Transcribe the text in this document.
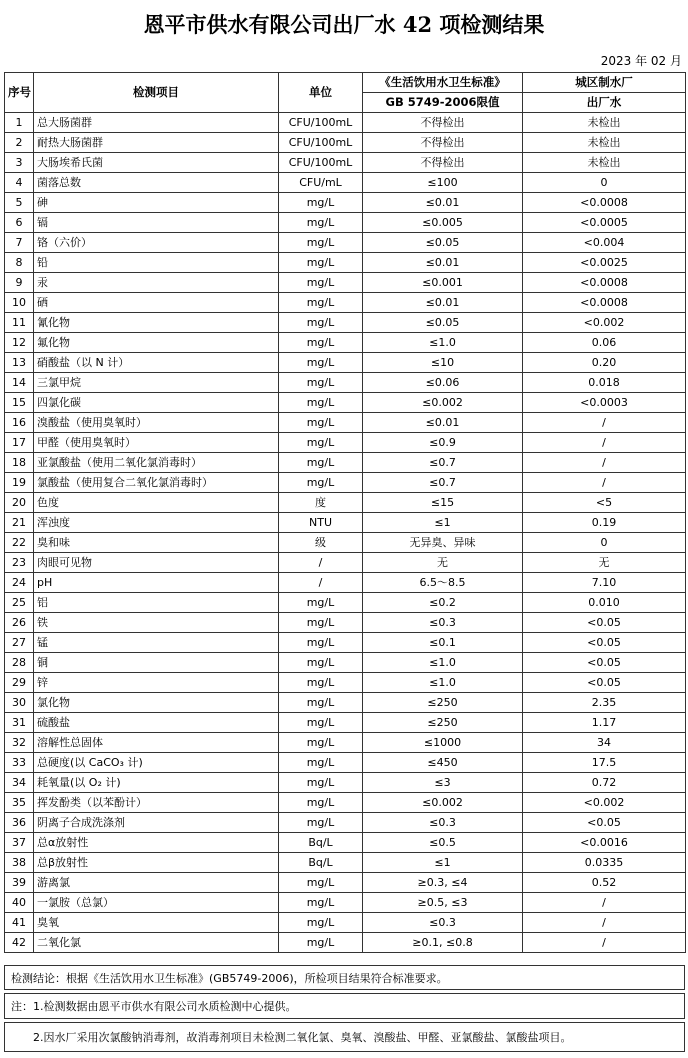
恩平市供水有限公司出厂水 42 项检测结果
2023 年 02 月
序号	检测项目	单位	《生活饮用水卫生标准》	城区制水厂
			GB 5749-2006限值	出厂水
1	总大肠菌群	CFU/100mL	不得检出	未检出
2	耐热大肠菌群	CFU/100mL	不得检出	未检出
3	大肠埃希氏菌	CFU/100mL	不得检出	未检出
4	菌落总数	CFU/mL	≤100	0
5	砷	mg/L	≤0.01	<0.0008
6	镉	mg/L	≤0.005	<0.0005
7	铬（六价）	mg/L	≤0.05	<0.004
8	铅	mg/L	≤0.01	<0.0025
9	汞	mg/L	≤0.001	<0.0008
10	硒	mg/L	≤0.01	<0.0008
11	氰化物	mg/L	≤0.05	<0.002
12	氟化物	mg/L	≤1.0	0.06
13	硝酸盐（以 N 计）	mg/L	≤10	0.20
14	三氯甲烷	mg/L	≤0.06	0.018
15	四氯化碳	mg/L	≤0.002	<0.0003
16	溴酸盐（使用臭氧时）	mg/L	≤0.01	/
17	甲醛（使用臭氧时）	mg/L	≤0.9	/
18	亚氯酸盐（使用二氧化氯消毒时）	mg/L	≤0.7	/
19	氯酸盐（使用复合二氧化氯消毒时）	mg/L	≤0.7	/
20	色度	度	≤15	<5
21	浑浊度	NTU	≤1	0.19
22	臭和味	级	无异臭、异味	0
23	肉眼可见物	/	无	无
24	pH	/	6.5～8.5	7.10
25	铝	mg/L	≤0.2	0.010
26	铁	mg/L	≤0.3	<0.05
27	锰	mg/L	≤0.1	<0.05
28	铜	mg/L	≤1.0	<0.05
29	锌	mg/L	≤1.0	<0.05
30	氯化物	mg/L	≤250	2.35
31	硫酸盐	mg/L	≤250	1.17
32	溶解性总固体	mg/L	≤1000	34
33	总硬度(以 CaCO₃ 计)	mg/L	≤450	17.5
34	耗氧量(以 O₂ 计)	mg/L	≤3	0.72
35	挥发酚类（以苯酚计）	mg/L	≤0.002	<0.002
36	阴离子合成洗涤剂	mg/L	≤0.3	<0.05
37	总α放射性	Bq/L	≤0.5	<0.0016
38	总β放射性	Bq/L	≤1	0.0335
39	游离氯	mg/L	≥0.3, ≤4	0.52
40	一氯胺（总氯）	mg/L	≥0.5, ≤3	/
41	臭氧	mg/L	≤0.3	/
42	二氧化氯	mg/L	≥0.1, ≤0.8	/
检测结论：根据《生活饮用水卫生标准》(GB5749-2006)，所检项目结果符合标准要求。
注：1.检测数据由恩平市供水有限公司水质检测中心提供。
2.因水厂采用次氯酸钠消毒剂，故消毒剂项目未检测二氧化氯、臭氧、溴酸盐、甲醛、亚氯酸盐、氯酸盐项目。
